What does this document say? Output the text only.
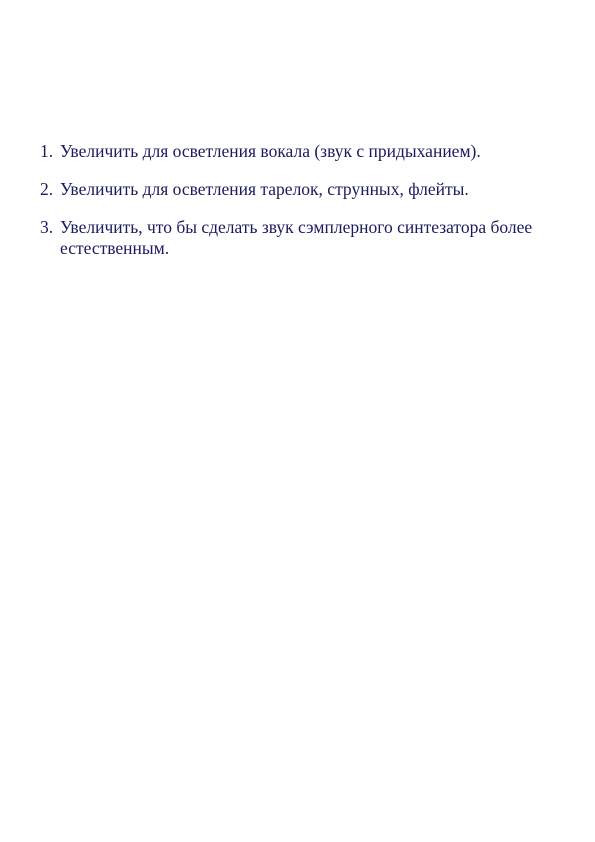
1. Увеличить для осветления вокала (звук с придыханием).
2. Увеличить для осветления тарелок, струнных, флейты.
3. Увеличить, что бы сделать звук сэмплерного синтезатора более естественным.
